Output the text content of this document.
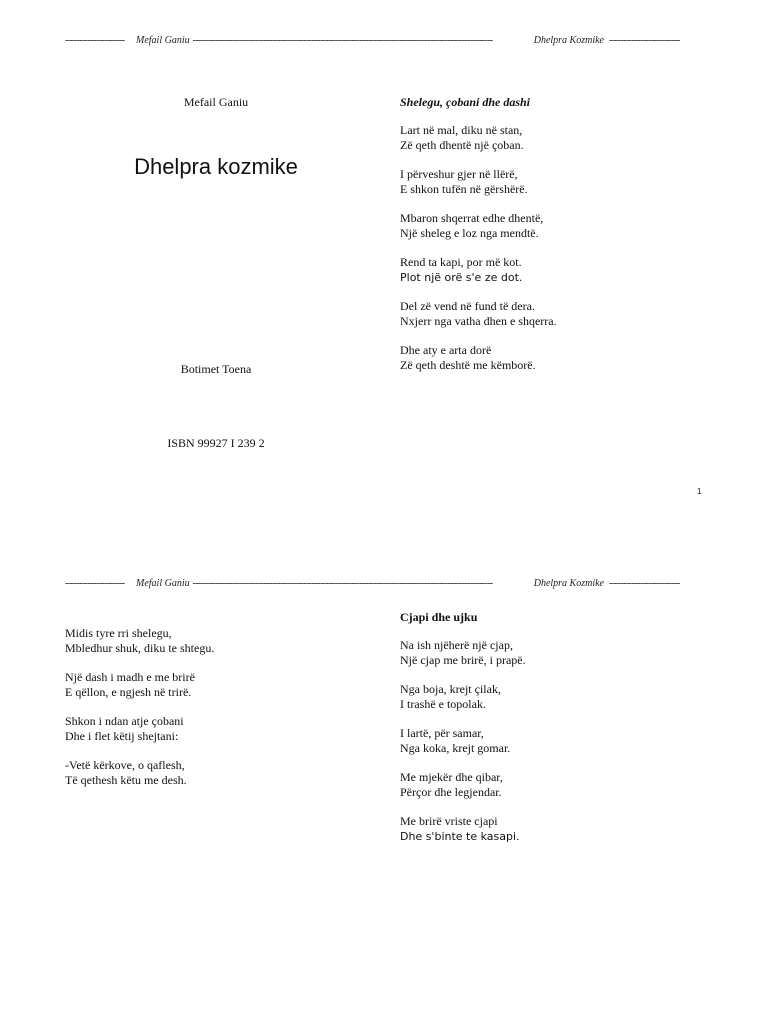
---------------------	Mefail Ganiu ----------------------------------------------------------------------------------------------------------	Dhelpra Kozmike -------------------------
Mefail Ganiu
Dhelpra kozmike
Botimet Toena
ISBN 99927 I 239 2
Shelegu, çobani dhe dashi
Lart në mal, diku në stan,
Zë qeth dhentë një çoban.
I përveshur gjer në llërë,
E shkon tufën në gërshërë.
Mbaron shqerrat edhe dhentë,
Një sheleg e loz nga mendtë.
Rend ta kapi, por më kot.
Plot një orë s'e ze dot.
Del zë vend në fund të dera.
Nxjerr nga vatha dhen e shqerra.
Dhe aty e arta dorë
Zë qeth deshtë me këmborë.
1
---------------------	Mefail Ganiu ----------------------------------------------------------------------------------------------------------	Dhelpra Kozmike -------------------------
Midis tyre rri shelegu,
Mbledhur shuk, diku te shtegu.
Një dash i madh e me brirë
E qëllon, e ngjesh në trirë.
Shkon i ndan atje çobani
Dhe i flet këtij shejtani:
-Vetë kërkove, o qaflesh,
Të qethesh këtu me desh.
Cjapi dhe ujku
Na ish njëherë një cjap,
Një cjap me brirë, i prapë.
Nga boja, krejt çilak,
I trashë e topolak.
I lartë, për samar,
Nga koka, krejt gomar.
Me mjekër dhe qibar,
Përçor dhe legjendar.
Me brirë vriste cjapi
Dhe s'binte te kasapi.
